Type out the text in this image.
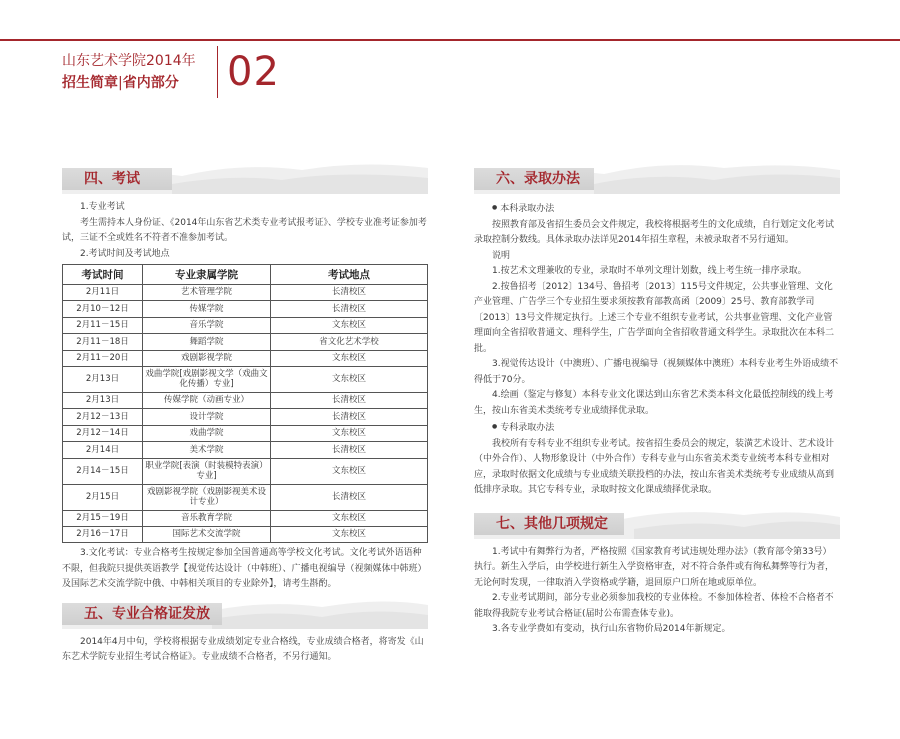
山东艺术学院2014年
招生简章|省内部分 02
四、考试

1.专业考试

考生需持本人身份证、《2014年山东省艺术类专业考试报考证》、学校专业准考证参加考试，三证不全或姓名不符者不准参加考试。

2.考试时间及考试地点

考试时间	专业隶属学院	考试地点
2月11日	艺术管理学院	长清校区
2月10－12日	传媒学院	长清校区
2月11－15日	音乐学院	文东校区
2月11－18日	舞蹈学院	省文化艺术学校
2月11－20日	戏剧影视学院	文东校区
2月13日	戏曲学院[戏剧影视文学（戏曲文化传播）专业]	文东校区
2月13日	传媒学院（动画专业）	长清校区
2月12－13日	设计学院	长清校区
2月12－14日	戏曲学院	文东校区
2月14日	美术学院	长清校区
2月14－15日	职业学院[表演（时装模特表演）专业]	文东校区
2月15日	戏剧影视学院（戏剧影视美术设计专业）	长清校区
2月15－19日	音乐教育学院	文东校区
2月16－17日	国际艺术交流学院	文东校区

3.文化考试：专业合格考生按规定参加全国普通高等学校文化考试。文化考试外语语种不限，但我院只提供英语教学【视觉传达设计（中韩班）、广播电视编导（视频媒体中韩班）及国际艺术交流学院中俄、中韩相关项目的专业除外】，请考生斟酌。

五、专业合格证发放

2014年4月中旬，学校将根据专业成绩划定专业合格线，专业成绩合格者，将寄发《山东艺术学院专业招生考试合格证》。专业成绩不合格者，不另行通知。

六、录取办法

● 本科录取办法

按照教育部及省招生委员会文件规定，我校将根据考生的文化成绩，自行划定文化考试录取控制分数线。具体录取办法详见2014年招生章程，未被录取者不另行通知。

说明

1.按艺术文理兼收的专业，录取时不单列文理计划数，线上考生统一排序录取。

2.按鲁招考〔2012〕134号、鲁招考〔2013〕115号文件规定，公共事业管理、文化产业管理、广告学三个专业招生要求须按教育部教高函〔2009〕25号、教育部教学司〔2013〕13号文件规定执行。上述三个专业不组织专业考试，公共事业管理、文化产业管理面向全省招收普通文、理科学生，广告学面向全省招收普通文科学生。录取批次在本科二批。

3.视觉传达设计（中澳班）、广播电视编导（视频媒体中澳班）本科专业考生外语成绩不得低于70分。

4.绘画（鉴定与修复）本科专业文化课达到山东省艺术类本科文化最低控制线的线上考生，按山东省美术类统考专业成绩择优录取。

● 专科录取办法

我校所有专科专业不组织专业考试。按省招生委员会的规定，装潢艺术设计、艺术设计（中外合作）、人物形象设计（中外合作）专科专业与山东省美术类专业统考本科专业相对应，录取时依据文化成绩与专业成绩关联投档的办法，按山东省美术类统考专业成绩从高到低排序录取。其它专科专业，录取时按文化课成绩择优录取。

七、其他几项规定

1.考试中有舞弊行为者，严格按照《国家教育考试违规处理办法》（教育部令第33号）执行。新生入学后，由学校进行新生入学资格审查，对不符合条件或有徇私舞弊等行为者，无论何时发现，一律取消入学资格或学籍，退回原户口所在地或原单位。

2.专业考试期间，部分专业必须参加我校的专业体检。不参加体检者、体检不合格者不能取得我院专业考试合格证(届时公布需查体专业)。

3.各专业学费如有变动，执行山东省物价局2014年新规定。
